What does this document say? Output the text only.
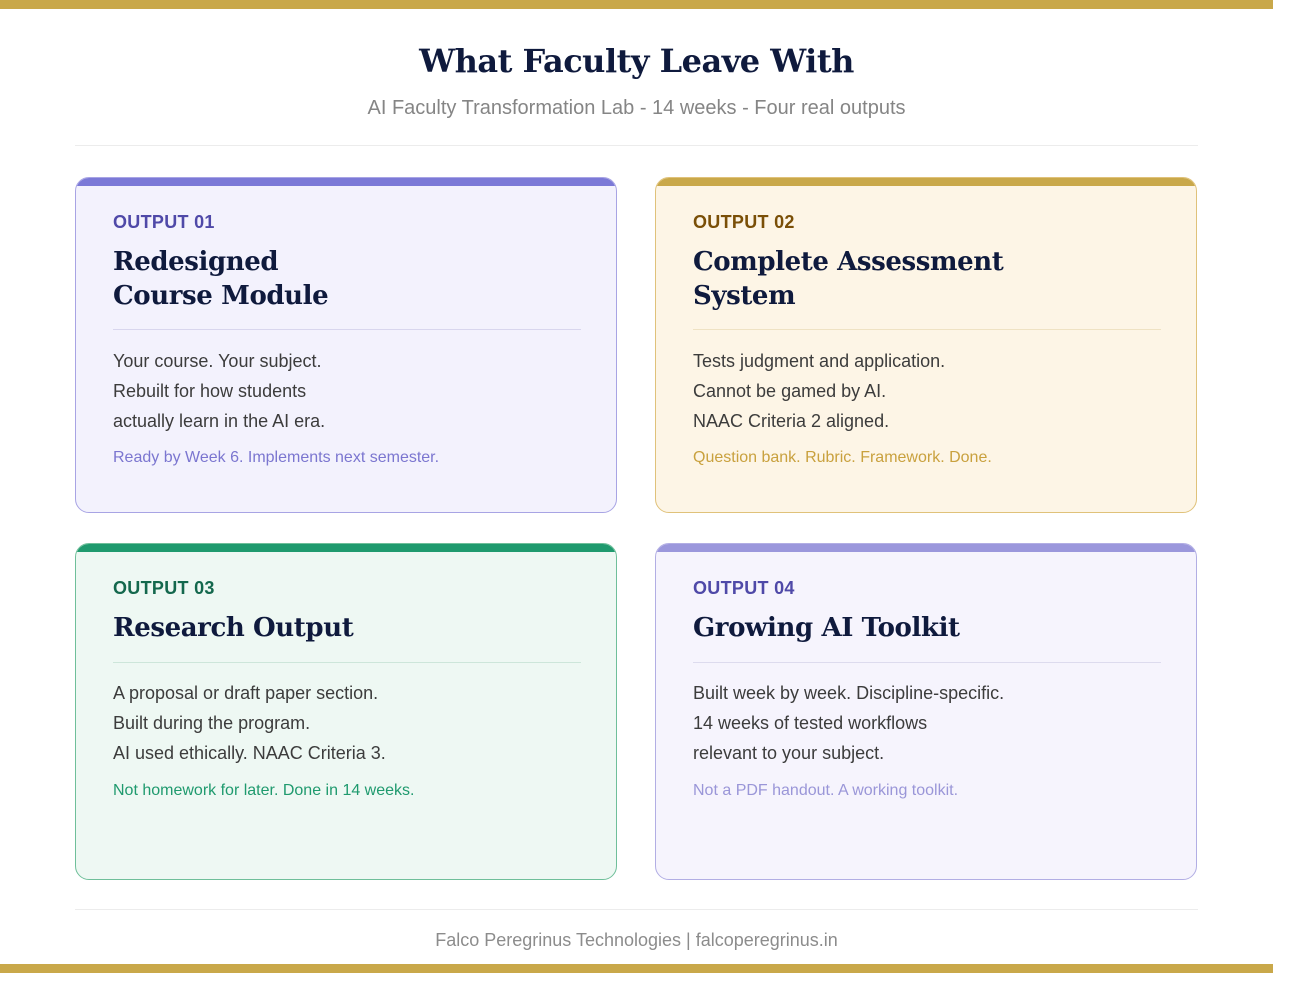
What Faculty Leave With
AI Faculty Transformation Lab - 14 weeks - Four real outputs
OUTPUT 01
Redesigned
Course Module
Your course. Your subject.
Rebuilt for how students
actually learn in the AI era.
Ready by Week 6. Implements next semester.
OUTPUT 02
Complete Assessment
System
Tests judgment and application.
Cannot be gamed by AI.
NAAC Criteria 2 aligned.
Question bank. Rubric. Framework. Done.
OUTPUT 03
Research Output
A proposal or draft paper section.
Built during the program.
AI used ethically. NAAC Criteria 3.
Not homework for later. Done in 14 weeks.
OUTPUT 04
Growing AI Toolkit
Built week by week. Discipline-specific.
14 weeks of tested workflows
relevant to your subject.
Not a PDF handout. A working toolkit.
Falco Peregrinus Technologies | falcoperegrinus.in
